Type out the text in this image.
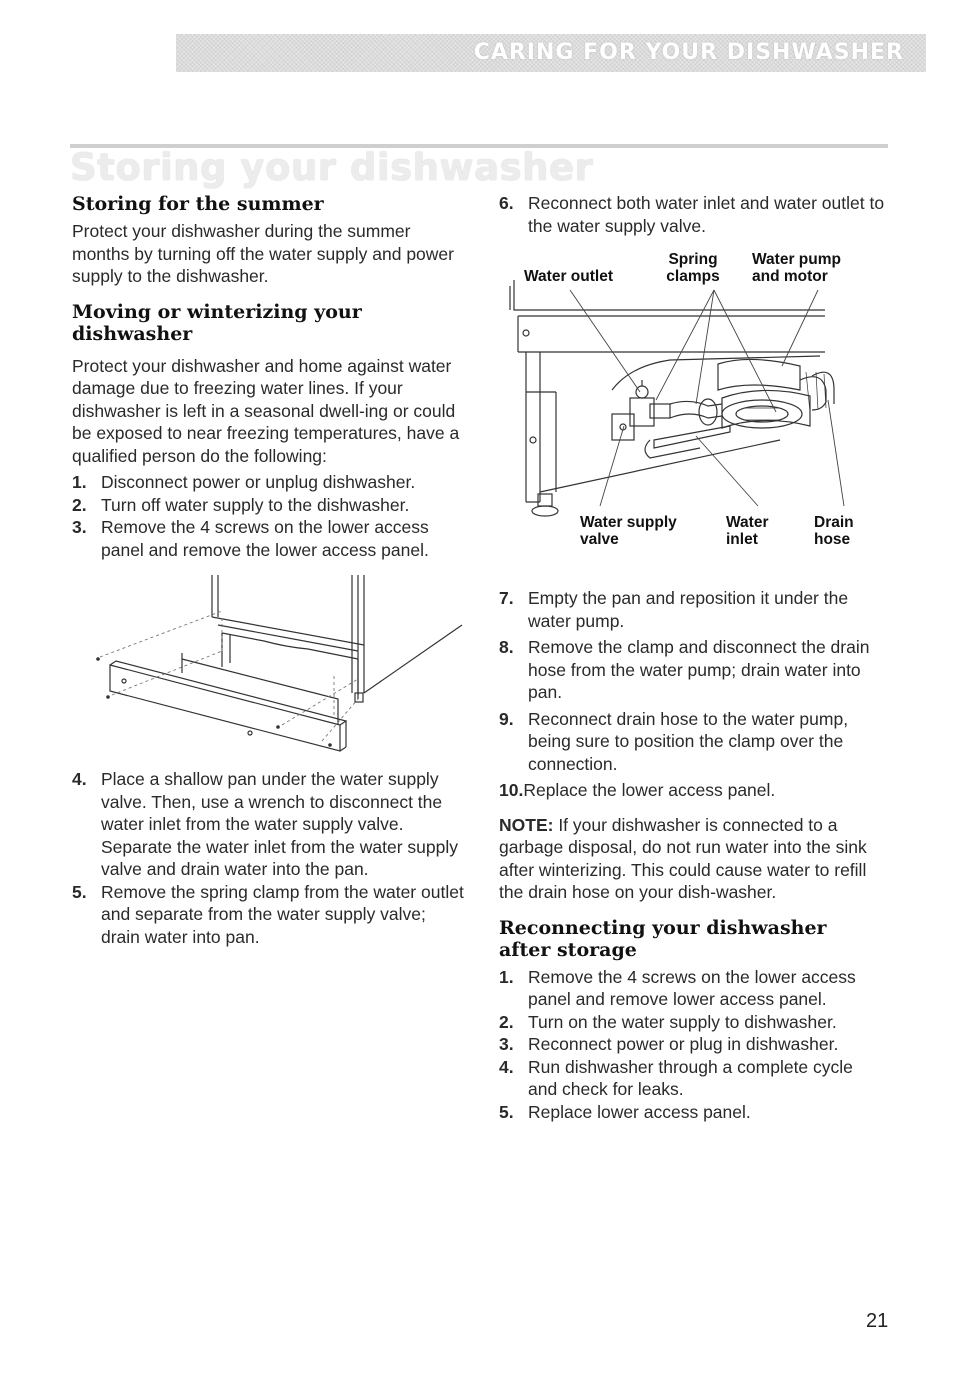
CARING FOR YOUR DISHWASHER
Storing your dishwasher
Storing for the summer

Protect your dishwasher during the summer months by turning off the water supply and power supply to the dishwasher.

Moving or winterizing your dishwasher

Protect your dishwasher and home against water damage due to freezing water lines. If your dishwasher is left in a seasonal dwell-ing or could be exposed to near freezing temperatures, have a qualified person do the following:

1. Disconnect power or unplug dishwasher.
2. Turn off water supply to the dishwasher.
3. Remove the 4 screws on the lower access panel and remove the lower access panel.
4. Place a shallow pan under the water supply valve. Then, use a wrench to disconnect the water inlet from the water supply valve. Separate the water inlet from the water supply valve and drain water into the pan.
5. Remove the spring clamp from the water outlet and separate from the water supply valve; drain water into pan.
6. Reconnect both water inlet and water outlet to the water supply valve.
Water outlet
Spring
clamps
Water pump
and motor
Water supply
valve
Water
inlet
Drain
hose
7. Empty the pan and reposition it under the water pump.
8. Remove the clamp and disconnect the drain hose from the water pump; drain water into pan.
9. Reconnect drain hose to the water pump, being sure to position the clamp over the connection.
10.Replace the lower access panel.

NOTE: If your dishwasher is connected to a garbage disposal, do not run water into the sink after winterizing. This could cause water to refill the drain hose on your dish-washer.

Reconnecting your dishwasher after storage
1. Remove the 4 screws on the lower access panel and remove lower access panel.
2. Turn on the water supply to dishwasher.
3. Reconnect power or plug in dishwasher.
4. Run dishwasher through a complete cycle and check for leaks.
5. Replace lower access panel.
21
